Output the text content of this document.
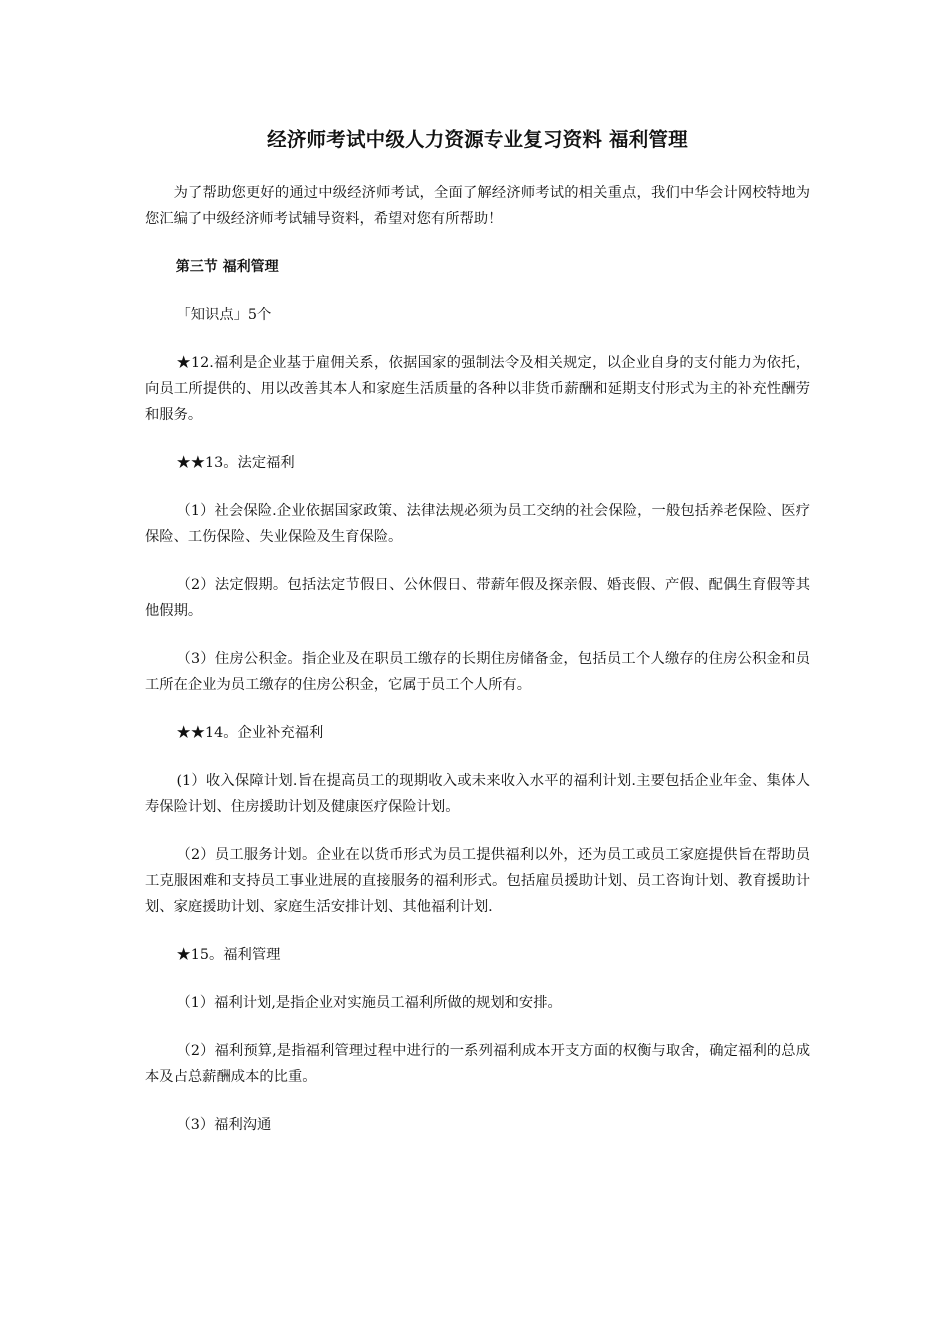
经济师考试中级人力资源专业复习资料 福利管理

为了帮助您更好的通过中级经济师考试，全面了解经济师考试的相关重点，我们中华会计网校特地为您汇编了中级经济师考试辅导资料，希望对您有所帮助！

第三节 福利管理

「知识点」5个

★12.福利是企业基于雇佣关系，依据国家的强制法令及相关规定，以企业自身的支付能力为依托，向员工所提供的、用以改善其本人和家庭生活质量的各种以非货币薪酬和延期支付形式为主的补充性酬劳和服务。

★★13。法定福利

（1）社会保险.企业依据国家政策、法律法规必须为员工交纳的社会保险，一般包括养老保险、医疗保险、工伤保险、失业保险及生育保险。

（2）法定假期。包括法定节假日、公休假日、带薪年假及探亲假、婚丧假、产假、配偶生育假等其他假期。

（3）住房公积金。指企业及在职员工缴存的长期住房储备金，包括员工个人缴存的住房公积金和员工所在企业为员工缴存的住房公积金，它属于员工个人所有。

★★14。企业补充福利

(1）收入保障计划.旨在提高员工的现期收入或未来收入水平的福利计划.主要包括企业年金、集体人寿保险计划、住房援助计划及健康医疗保险计划。

（2）员工服务计划。企业在以货币形式为员工提供福利以外，还为员工或员工家庭提供旨在帮助员工克服困难和支持员工事业进展的直接服务的福利形式。包括雇员援助计划、员工咨询计划、教育援助计划、家庭援助计划、家庭生活安排计划、其他福利计划.

★15。福利管理

（1）福利计划,是指企业对实施员工福利所做的规划和安排。

（2）福利预算,是指福利管理过程中进行的一系列福利成本开支方面的权衡与取舍，确定福利的总成本及占总薪酬成本的比重。

（3）福利沟通
